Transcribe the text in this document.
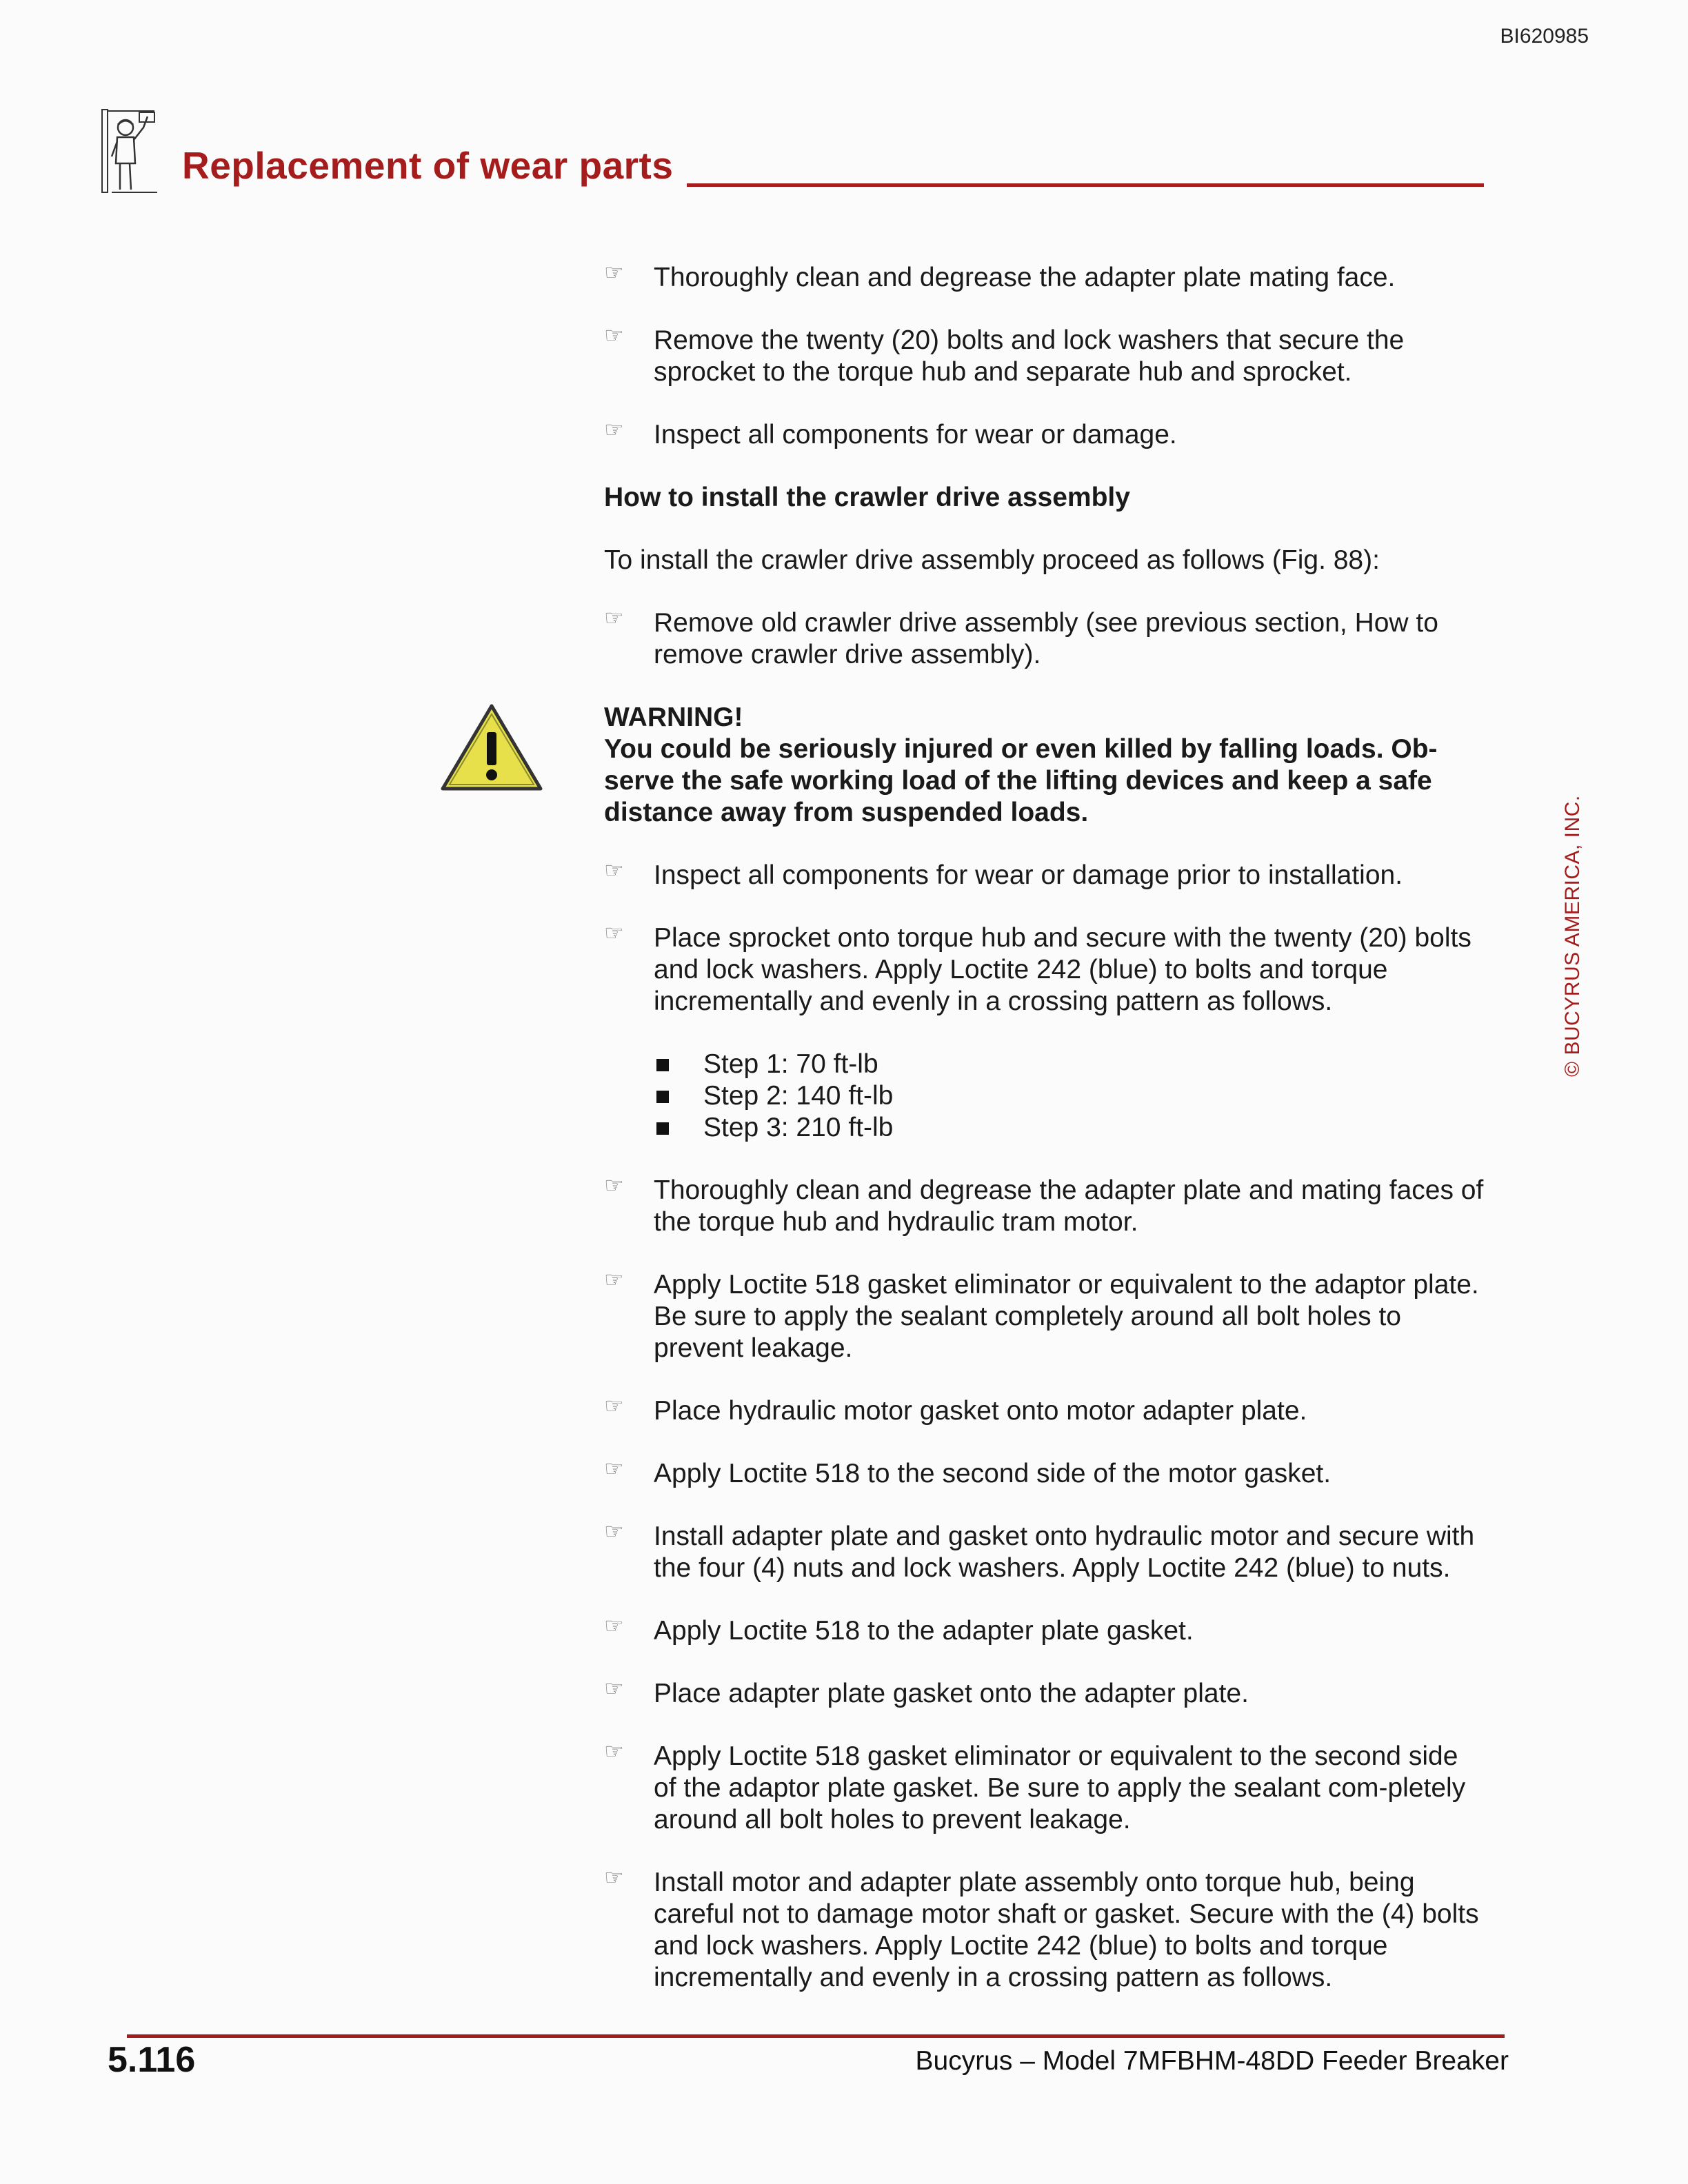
BI620985
Replacement of wear parts
☞ Thoroughly clean and degrease the adapter plate mating face.
☞ Remove the twenty (20) bolts and lock washers that secure the sprocket to the torque hub and separate hub and sprocket.
☞ Inspect all components for wear or damage.
How to install the crawler drive assembly
To install the crawler drive assembly proceed as follows (Fig. 88):
☞ Remove old crawler drive assembly (see previous section, How to remove crawler drive assembly).
WARNING!
You could be seriously injured or even killed by falling loads. Ob-serve the safe working load of the lifting devices and keep a safe distance away from suspended loads.
☞ Inspect all components for wear or damage prior to installation.
☞ Place sprocket onto torque hub and secure with the twenty (20) bolts and lock washers. Apply Loctite 242 (blue) to bolts and torque incrementally and evenly in a crossing pattern as follows.
Step 1: 70 ft-lb
Step 2: 140 ft-lb
Step 3: 210 ft-lb
☞ Thoroughly clean and degrease the adapter plate and mating faces of the torque hub and hydraulic tram motor.
☞ Apply Loctite 518 gasket eliminator or equivalent to the adaptor plate. Be sure to apply the sealant completely around all bolt holes to prevent leakage.
☞ Place hydraulic motor gasket onto motor adapter plate.
☞ Apply Loctite 518 to the second side of the motor gasket.
☞ Install adapter plate and gasket onto hydraulic motor and secure with the four (4) nuts and lock washers. Apply Loctite 242 (blue) to nuts.
☞ Apply Loctite 518 to the adapter plate gasket.
☞ Place adapter plate gasket onto the adapter plate.
☞ Apply Loctite 518 gasket eliminator or equivalent to the second side of the adaptor plate gasket. Be sure to apply the sealant com-pletely around all bolt holes to prevent leakage.
☞ Install motor and adapter plate assembly onto torque hub, being careful not to damage motor shaft or gasket. Secure with the (4) bolts and lock washers. Apply Loctite 242 (blue) to bolts and torque incrementally and evenly in a crossing pattern as follows.
© BUCYRUS AMERICA, INC.
5.116	Bucyrus – Model 7MFBHM-48DD Feeder Breaker
